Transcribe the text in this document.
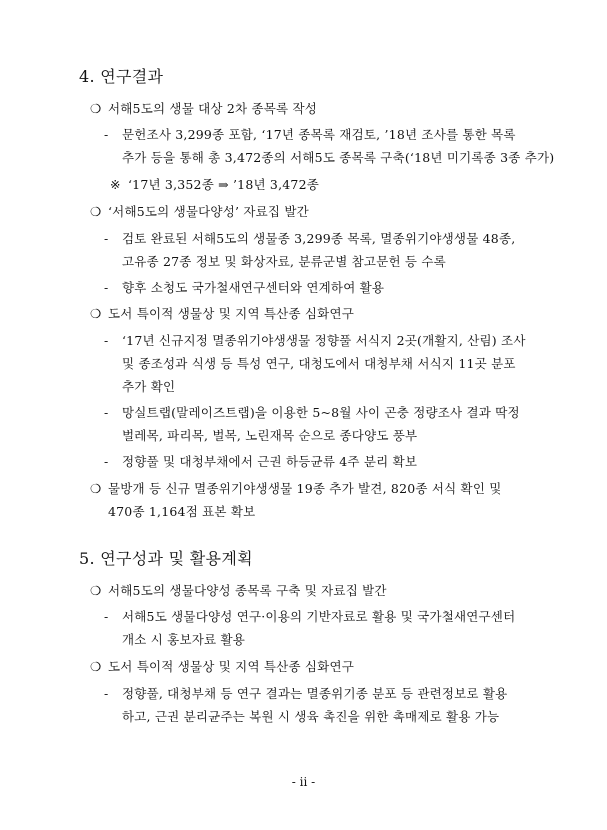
4. 연구결과
❍ 서해5도의 생물 대상 2차 종목록 작성
- 문헌조사 3,299종 포함, ‘17년 종목록 재검토, ’18년 조사를 통한 목록
추가 등을 통해 총 3,472종의 서해5도 종목록 구축(‘18년 미기록종 3종 추가)
※ ‘17년 3,352종 ⇒ ’18년 3,472종
❍ ‘서해5도의 생물다양성’ 자료집 발간
- 검토 완료된 서해5도의 생물종 3,299종 목록, 멸종위기야생생물 48종,
고유종 27종 정보 및 화상자료, 분류군별 참고문헌 등 수록
- 향후 소청도 국가철새연구센터와 연계하여 활용
❍ 도서 특이적 생물상 및 지역 특산종 심화연구
- ‘17년 신규지정 멸종위기야생생물 정향풀 서식지 2곳(개활지, 산림) 조사
및 종조성과 식생 등 특성 연구, 대청도에서 대청부채 서식지 11곳 분포
추가 확인
- 망실트랩(말레이즈트랩)을 이용한 5~8월 사이 곤충 정량조사 결과 딱정
벌레목, 파리목, 벌목, 노린재목 순으로 종다양도 풍부
- 정향풀 및 대청부채에서 근권 하등균류 4주 분리 확보
❍ 물방개 등 신규 멸종위기야생생물 19종 추가 발견, 820종 서식 확인 및
470종 1,164점 표본 확보
5. 연구성과 및 활용계획
❍ 서해5도의 생물다양성 종목록 구축 및 자료집 발간
- 서해5도 생물다양성 연구·이용의 기반자료로 활용 및 국가철새연구센터
개소 시 홍보자료 활용
❍ 도서 특이적 생물상 및 지역 특산종 심화연구
- 정향풀, 대청부채 등 연구 결과는 멸종위기종 분포 등 관련정보로 활용
하고, 근권 분리균주는 복원 시 생육 촉진을 위한 촉매제로 활용 가능
- ii -
